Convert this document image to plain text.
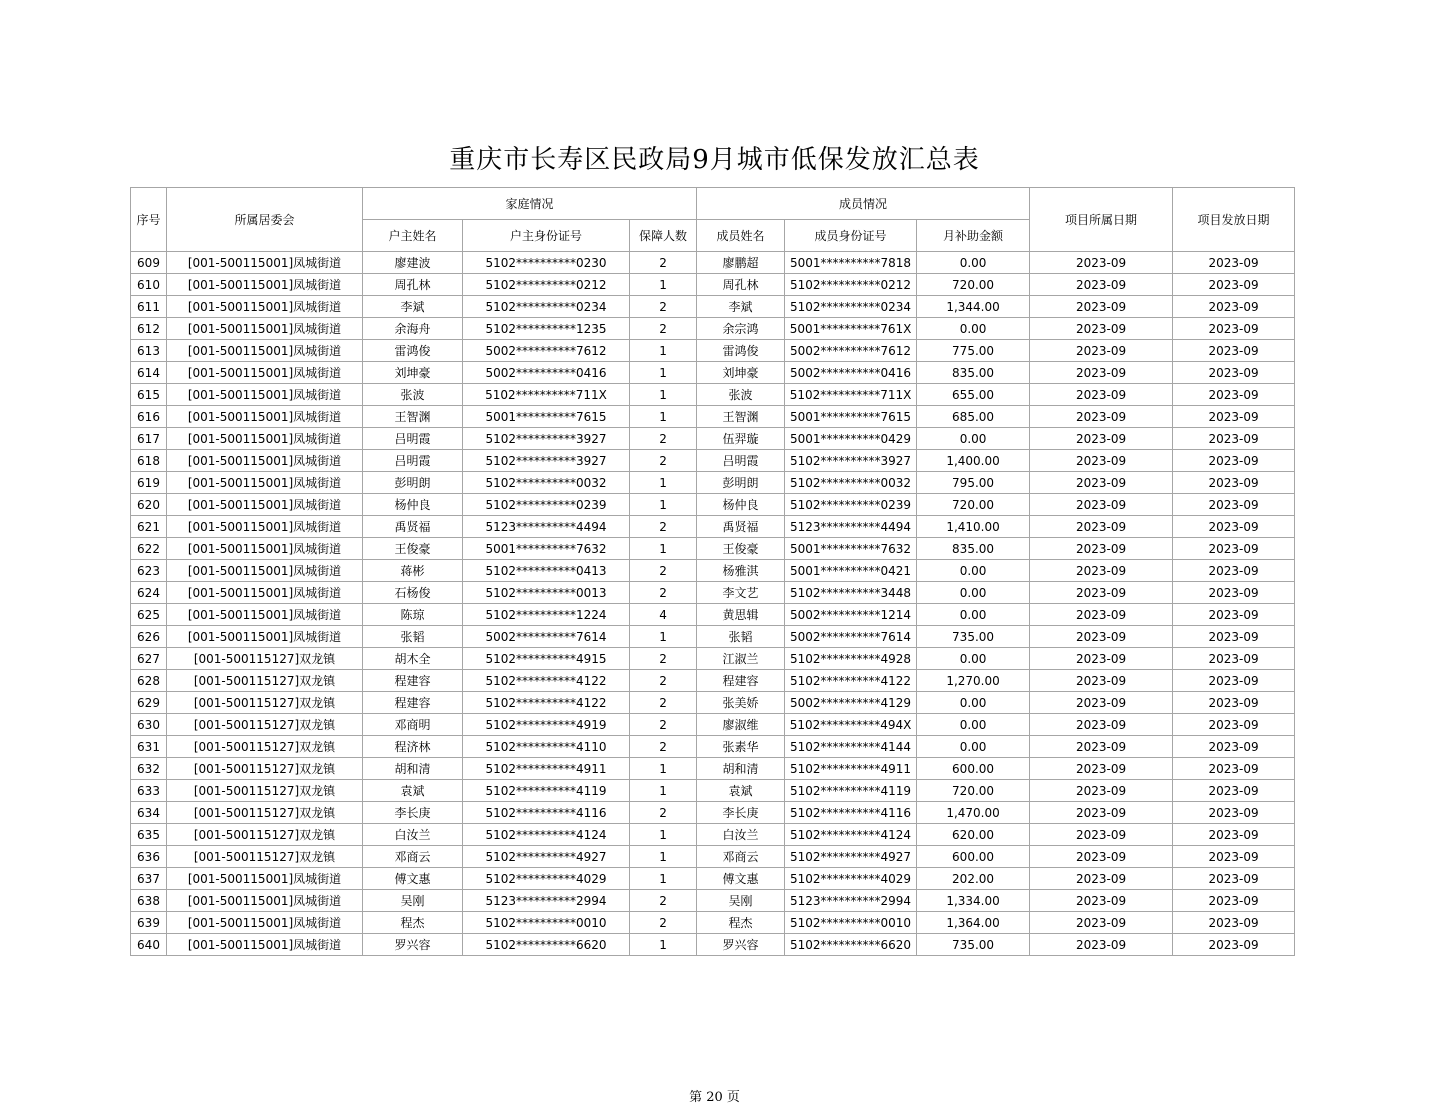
重庆市长寿区民政局9月城市低保发放汇总表
序号	所属居委会	家庭情况			成员情况			项目所属日期	项目发放日期
		户主姓名	户主身份证号	保障人数	成员姓名	成员身份证号	月补助金额		
609	[001-500115001]凤城街道	廖建波	5102**********0230	2	廖鹏超	5001**********7818	0.00	2023-09	2023-09
610	[001-500115001]凤城街道	周孔林	5102**********0212	1	周孔林	5102**********0212	720.00	2023-09	2023-09
611	[001-500115001]凤城街道	李斌	5102**********0234	2	李斌	5102**********0234	1,344.00	2023-09	2023-09
612	[001-500115001]凤城街道	余海舟	5102**********1235	2	余宗鸿	5001**********761X	0.00	2023-09	2023-09
613	[001-500115001]凤城街道	雷鸿俊	5002**********7612	1	雷鸿俊	5002**********7612	775.00	2023-09	2023-09
614	[001-500115001]凤城街道	刘坤豪	5002**********0416	1	刘坤豪	5002**********0416	835.00	2023-09	2023-09
615	[001-500115001]凤城街道	张波	5102**********711X	1	张波	5102**********711X	655.00	2023-09	2023-09
616	[001-500115001]凤城街道	王智渊	5001**********7615	1	王智渊	5001**********7615	685.00	2023-09	2023-09
617	[001-500115001]凤城街道	吕明霞	5102**********3927	2	伍羿璇	5001**********0429	0.00	2023-09	2023-09
618	[001-500115001]凤城街道	吕明霞	5102**********3927	2	吕明霞	5102**********3927	1,400.00	2023-09	2023-09
619	[001-500115001]凤城街道	彭明朗	5102**********0032	1	彭明朗	5102**********0032	795.00	2023-09	2023-09
620	[001-500115001]凤城街道	杨仲良	5102**********0239	1	杨仲良	5102**********0239	720.00	2023-09	2023-09
621	[001-500115001]凤城街道	禹贤福	5123**********4494	2	禹贤福	5123**********4494	1,410.00	2023-09	2023-09
622	[001-500115001]凤城街道	王俊豪	5001**********7632	1	王俊豪	5001**********7632	835.00	2023-09	2023-09
623	[001-500115001]凤城街道	蒋彬	5102**********0413	2	杨雅淇	5001**********0421	0.00	2023-09	2023-09
624	[001-500115001]凤城街道	石杨俊	5102**********0013	2	李文艺	5102**********3448	0.00	2023-09	2023-09
625	[001-500115001]凤城街道	陈琼	5102**********1224	4	黄思辑	5002**********1214	0.00	2023-09	2023-09
626	[001-500115001]凤城街道	张韬	5002**********7614	1	张韬	5002**********7614	735.00	2023-09	2023-09
627	[001-500115127]双龙镇	胡木全	5102**********4915	2	江淑兰	5102**********4928	0.00	2023-09	2023-09
628	[001-500115127]双龙镇	程建容	5102**********4122	2	程建容	5102**********4122	1,270.00	2023-09	2023-09
629	[001-500115127]双龙镇	程建容	5102**********4122	2	张美娇	5002**********4129	0.00	2023-09	2023-09
630	[001-500115127]双龙镇	邓商明	5102**********4919	2	廖淑维	5102**********494X	0.00	2023-09	2023-09
631	[001-500115127]双龙镇	程济林	5102**********4110	2	张素华	5102**********4144	0.00	2023-09	2023-09
632	[001-500115127]双龙镇	胡和清	5102**********4911	1	胡和清	5102**********4911	600.00	2023-09	2023-09
633	[001-500115127]双龙镇	袁斌	5102**********4119	1	袁斌	5102**********4119	720.00	2023-09	2023-09
634	[001-500115127]双龙镇	李长庚	5102**********4116	2	李长庚	5102**********4116	1,470.00	2023-09	2023-09
635	[001-500115127]双龙镇	白汝兰	5102**********4124	1	白汝兰	5102**********4124	620.00	2023-09	2023-09
636	[001-500115127]双龙镇	邓商云	5102**********4927	1	邓商云	5102**********4927	600.00	2023-09	2023-09
637	[001-500115001]凤城街道	傅文惠	5102**********4029	1	傅文惠	5102**********4029	202.00	2023-09	2023-09
638	[001-500115001]凤城街道	吴刚	5123**********2994	2	吴刚	5123**********2994	1,334.00	2023-09	2023-09
639	[001-500115001]凤城街道	程杰	5102**********0010	2	程杰	5102**********0010	1,364.00	2023-09	2023-09
640	[001-500115001]凤城街道	罗兴容	5102**********6620	1	罗兴容	5102**********6620	735.00	2023-09	2023-09
第 20 页
